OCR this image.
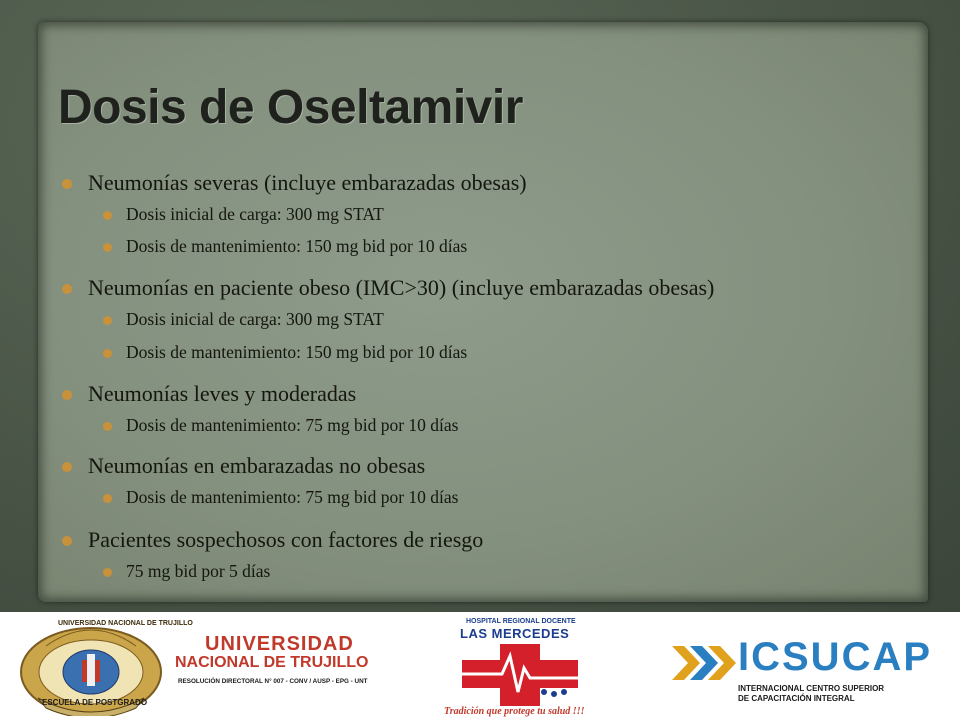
Dosis de Oseltamivir
Neumonías severas (incluye embarazadas obesas)
Dosis inicial de carga: 300 mg STAT
Dosis de mantenimiento: 150 mg bid por 10 días
Neumonías en paciente obeso (IMC>30) (incluye embarazadas obesas)
Dosis inicial de carga: 300 mg STAT
Dosis de mantenimiento: 150 mg bid por 10 días
Neumonías leves y moderadas
Dosis de mantenimiento: 75 mg bid por 10 días
Neumonías en embarazadas no obesas
Dosis de mantenimiento: 75 mg bid por 10 días
Pacientes sospechosos con factores de riesgo
75 mg bid por 5 días
UNIVERSIDAD NACIONAL DE TRUJILLO
ESCUELA DE POSTGRADO
UNIVERSIDAD
NACIONAL DE TRUJILLO
RESOLUCIÓN DIRECTORAL N° 007 - CONV / AUSP - EPG - UNT
HOSPITAL REGIONAL DOCENTE
LAS MERCEDES
Tradición que protege tu salud !!!
ICSUCAP
INTERNACIONAL CENTRO SUPERIOR
DE CAPACITACIÓN INTEGRAL
